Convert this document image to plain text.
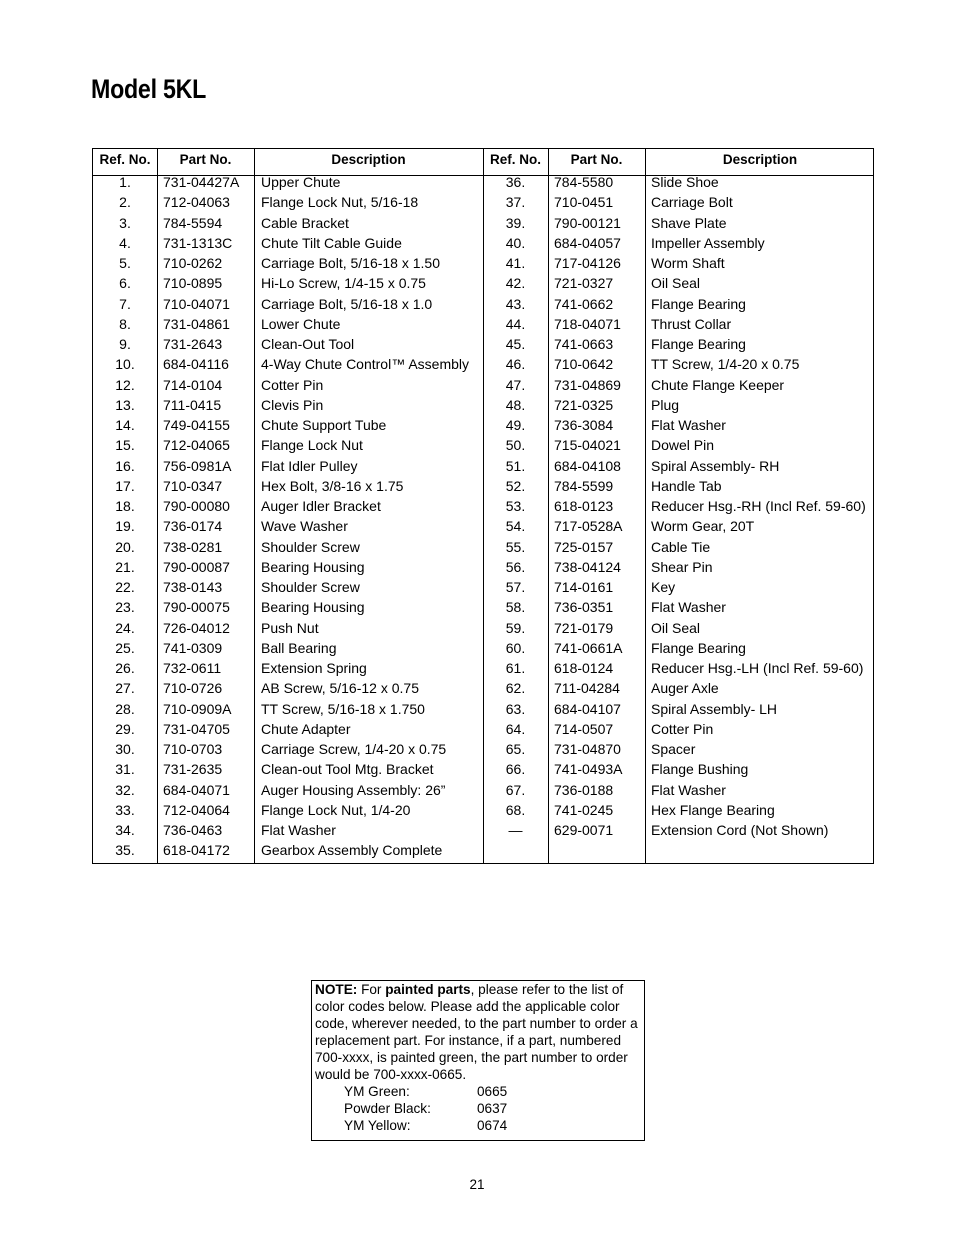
Model 5KL
Ref. No.	Part No.	Description	Ref. No.	Part No.	Description
1.	731-04427A	Upper Chute	36.	784-5580	Slide Shoe
2.	712-04063	Flange Lock Nut, 5/16-18	37.	710-0451	Carriage Bolt
3.	784-5594	Cable Bracket	39.	790-00121	Shave Plate
4.	731-1313C	Chute Tilt Cable Guide	40.	684-04057	Impeller Assembly
5.	710-0262	Carriage Bolt, 5/16-18 x 1.50	41.	717-04126	Worm Shaft
6.	710-0895	Hi-Lo Screw, 1/4-15 x 0.75	42.	721-0327	Oil Seal
7.	710-04071	Carriage Bolt, 5/16-18 x 1.0	43.	741-0662	Flange Bearing
8.	731-04861	Lower Chute	44.	718-04071	Thrust Collar
9.	731-2643	Clean-Out Tool	45.	741-0663	Flange Bearing
10.	684-04116	4-Way Chute Control™ Assembly	46.	710-0642	TT Screw, 1/4-20 x 0.75
12.	714-0104	Cotter Pin	47.	731-04869	Chute Flange Keeper
13.	711-0415	Clevis Pin	48.	721-0325	Plug
14.	749-04155	Chute Support Tube	49.	736-3084	Flat Washer
15.	712-04065	Flange Lock Nut	50.	715-04021	Dowel Pin
16.	756-0981A	Flat Idler Pulley	51.	684-04108	Spiral Assembly- RH
17.	710-0347	Hex Bolt, 3/8-16 x 1.75	52.	784-5599	Handle Tab
18.	790-00080	Auger Idler Bracket	53.	618-0123	Reducer Hsg.-RH (Incl Ref. 59-60)
19.	736-0174	Wave Washer	54.	717-0528A	Worm Gear, 20T
20.	738-0281	Shoulder Screw	55.	725-0157	Cable Tie
21.	790-00087	Bearing Housing	56.	738-04124	Shear Pin
22.	738-0143	Shoulder Screw	57.	714-0161	Key
23.	790-00075	Bearing Housing	58.	736-0351	Flat Washer
24.	726-04012	Push Nut	59.	721-0179	Oil Seal
25.	741-0309	Ball Bearing	60.	741-0661A	Flange Bearing
26.	732-0611	Extension Spring	61.	618-0124	Reducer Hsg.-LH (Incl Ref. 59-60)
27.	710-0726	AB Screw, 5/16-12 x 0.75	62.	711-04284	Auger Axle
28.	710-0909A	TT Screw, 5/16-18 x 1.750	63.	684-04107	Spiral Assembly- LH
29.	731-04705	Chute Adapter	64.	714-0507	Cotter Pin
30.	710-0703	Carriage Screw, 1/4-20 x 0.75	65.	731-04870	Spacer
31.	731-2635	Clean-out Tool Mtg. Bracket	66.	741-0493A	Flange Bushing
32.	684-04071	Auger Housing Assembly: 26”	67.	736-0188	Flat Washer
33.	712-04064	Flange Lock Nut, 1/4-20	68.	741-0245	Hex Flange Bearing
34.	736-0463	Flat Washer	—	629-0071	Extension Cord (Not Shown)
35.	618-04172	Gearbox Assembly Complete

NOTE: For painted parts, please refer to the list of color codes below. Please add the applicable color code, wherever needed, to the part number to order a replacement part. For instance, if a part, numbered 700-xxxx, is painted green, the part number to order would be 700-xxxx-0665.

YM Green:	0665
Powder Black:	0637
YM Yellow:	0674
21
